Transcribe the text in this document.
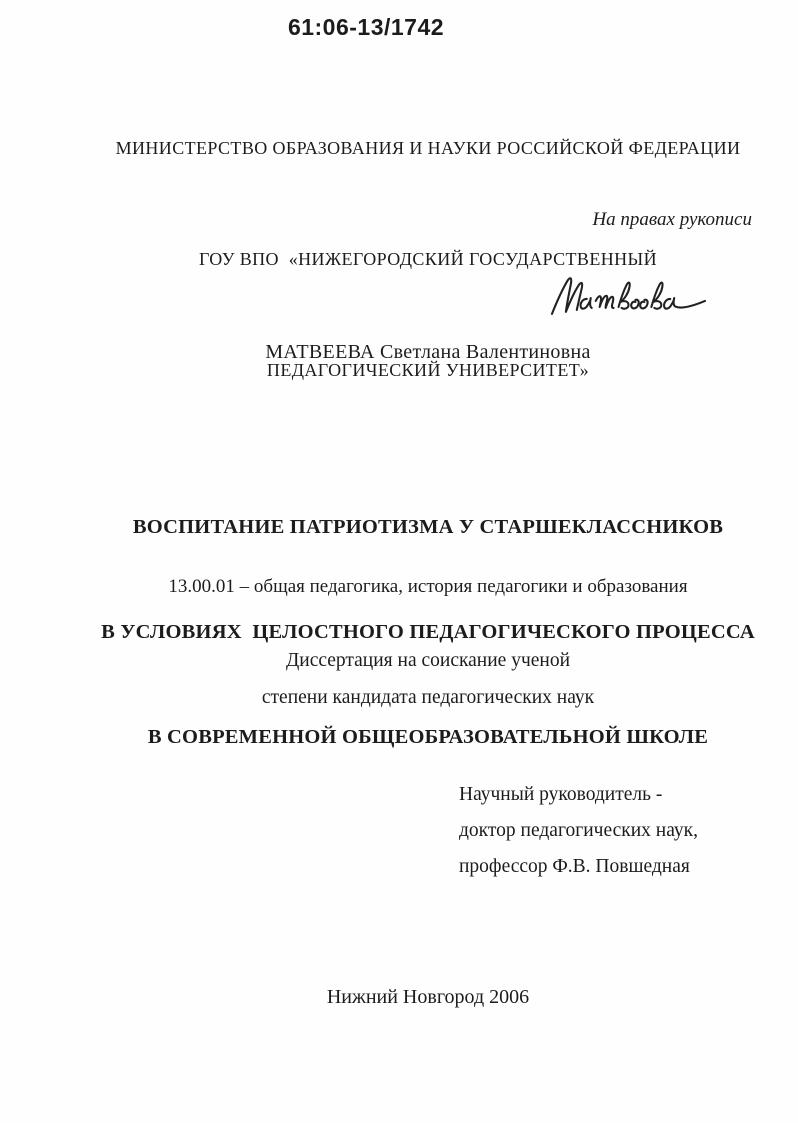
61:06-13/1742

МИНИСТЕРСТВО ОБРАЗОВАНИЯ И НАУКИ РОССИЙСКОЙ ФЕДЕРАЦИИ

ГОУ ВПО  «НИЖЕГОРОДСКИЙ ГОСУДАРСТВЕННЫЙ

ПЕДАГОГИЧЕСКИЙ УНИВЕРСИТЕТ»

На правах рукописи
МАТВЕЕВА Светлана Валентиновна

ВОСПИТАНИЕ ПАТРИОТИЗМА У СТАРШЕКЛАССНИКОВ

В УСЛОВИЯХ  ЦЕЛОСТНОГО ПЕДАГОГИЧЕСКОГО ПРОЦЕССА

В СОВРЕМЕННОЙ ОБЩЕОБРАЗОВАТЕЛЬНОЙ ШКОЛЕ

13.00.01 – общая педагогика, история педагогики и образования
Диссертация на соискание ученой
степени кандидата педагогических наук
Научный руководитель -
доктор педагогических наук,
профессор Ф.В. Повшедная
Нижний Новгород 2006
